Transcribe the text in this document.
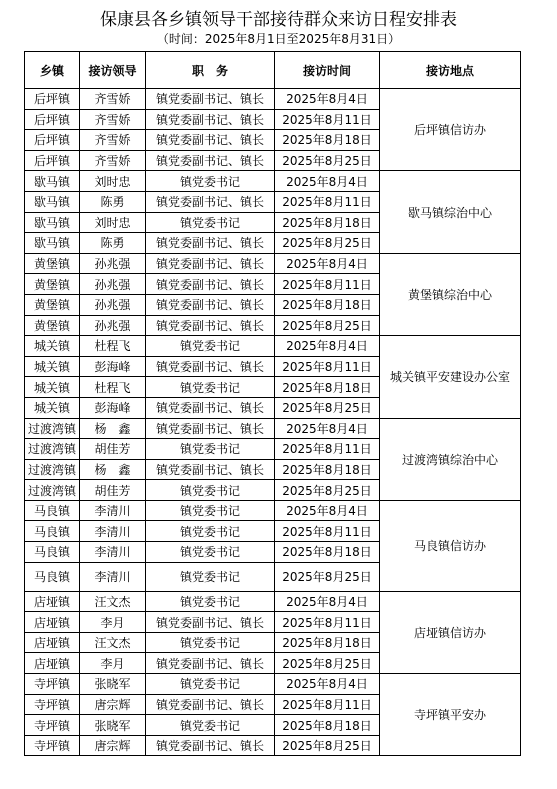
保康县各乡镇领导干部接待群众来访日程安排表
（时间：2025年8月1日至2025年8月31日）
乡镇	接访领导	职　务	接访时间	接访地点
后坪镇	齐雪娇	镇党委副书记、镇长	2025年8月4日	后坪镇信访办
后坪镇	齐雪娇	镇党委副书记、镇长	2025年8月11日	
后坪镇	齐雪娇	镇党委副书记、镇长	2025年8月18日	
后坪镇	齐雪娇	镇党委副书记、镇长	2025年8月25日	
歇马镇	刘时忠	镇党委书记	2025年8月4日	歇马镇综治中心
歇马镇	陈勇	镇党委副书记、镇长	2025年8月11日	
歇马镇	刘时忠	镇党委书记	2025年8月18日	
歇马镇	陈勇	镇党委副书记、镇长	2025年8月25日	
黄堡镇	孙兆强	镇党委副书记、镇长	2025年8月4日	黄堡镇综治中心
黄堡镇	孙兆强	镇党委副书记、镇长	2025年8月11日	
黄堡镇	孙兆强	镇党委副书记、镇长	2025年8月18日	
黄堡镇	孙兆强	镇党委副书记、镇长	2025年8月25日	
城关镇	杜程飞	镇党委书记	2025年8月4日	城关镇平安建设办公室
城关镇	彭海峰	镇党委副书记、镇长	2025年8月11日	
城关镇	杜程飞	镇党委书记	2025年8月18日	
城关镇	彭海峰	镇党委副书记、镇长	2025年8月25日	
过渡湾镇	杨　鑫	镇党委副书记、镇长	2025年8月4日	过渡湾镇综治中心
过渡湾镇	胡佳芳	镇党委书记	2025年8月11日	
过渡湾镇	杨　鑫	镇党委副书记、镇长	2025年8月18日	
过渡湾镇	胡佳芳	镇党委书记	2025年8月25日	
马良镇	李清川	镇党委书记	2025年8月4日	马良镇信访办
马良镇	李清川	镇党委书记	2025年8月11日	
马良镇	李清川	镇党委书记	2025年8月18日	
马良镇	李清川	镇党委书记	2025年8月25日	
店垭镇	汪文杰	镇党委书记	2025年8月4日	店垭镇信访办
店垭镇	李月	镇党委副书记、镇长	2025年8月11日	
店垭镇	汪文杰	镇党委书记	2025年8月18日	
店垭镇	李月	镇党委副书记、镇长	2025年8月25日	
寺坪镇	张晓军	镇党委书记	2025年8月4日	寺坪镇平安办
寺坪镇	唐宗辉	镇党委副书记、镇长	2025年8月11日	
寺坪镇	张晓军	镇党委书记	2025年8月18日	
寺坪镇	唐宗辉	镇党委副书记、镇长	2025年8月25日	
